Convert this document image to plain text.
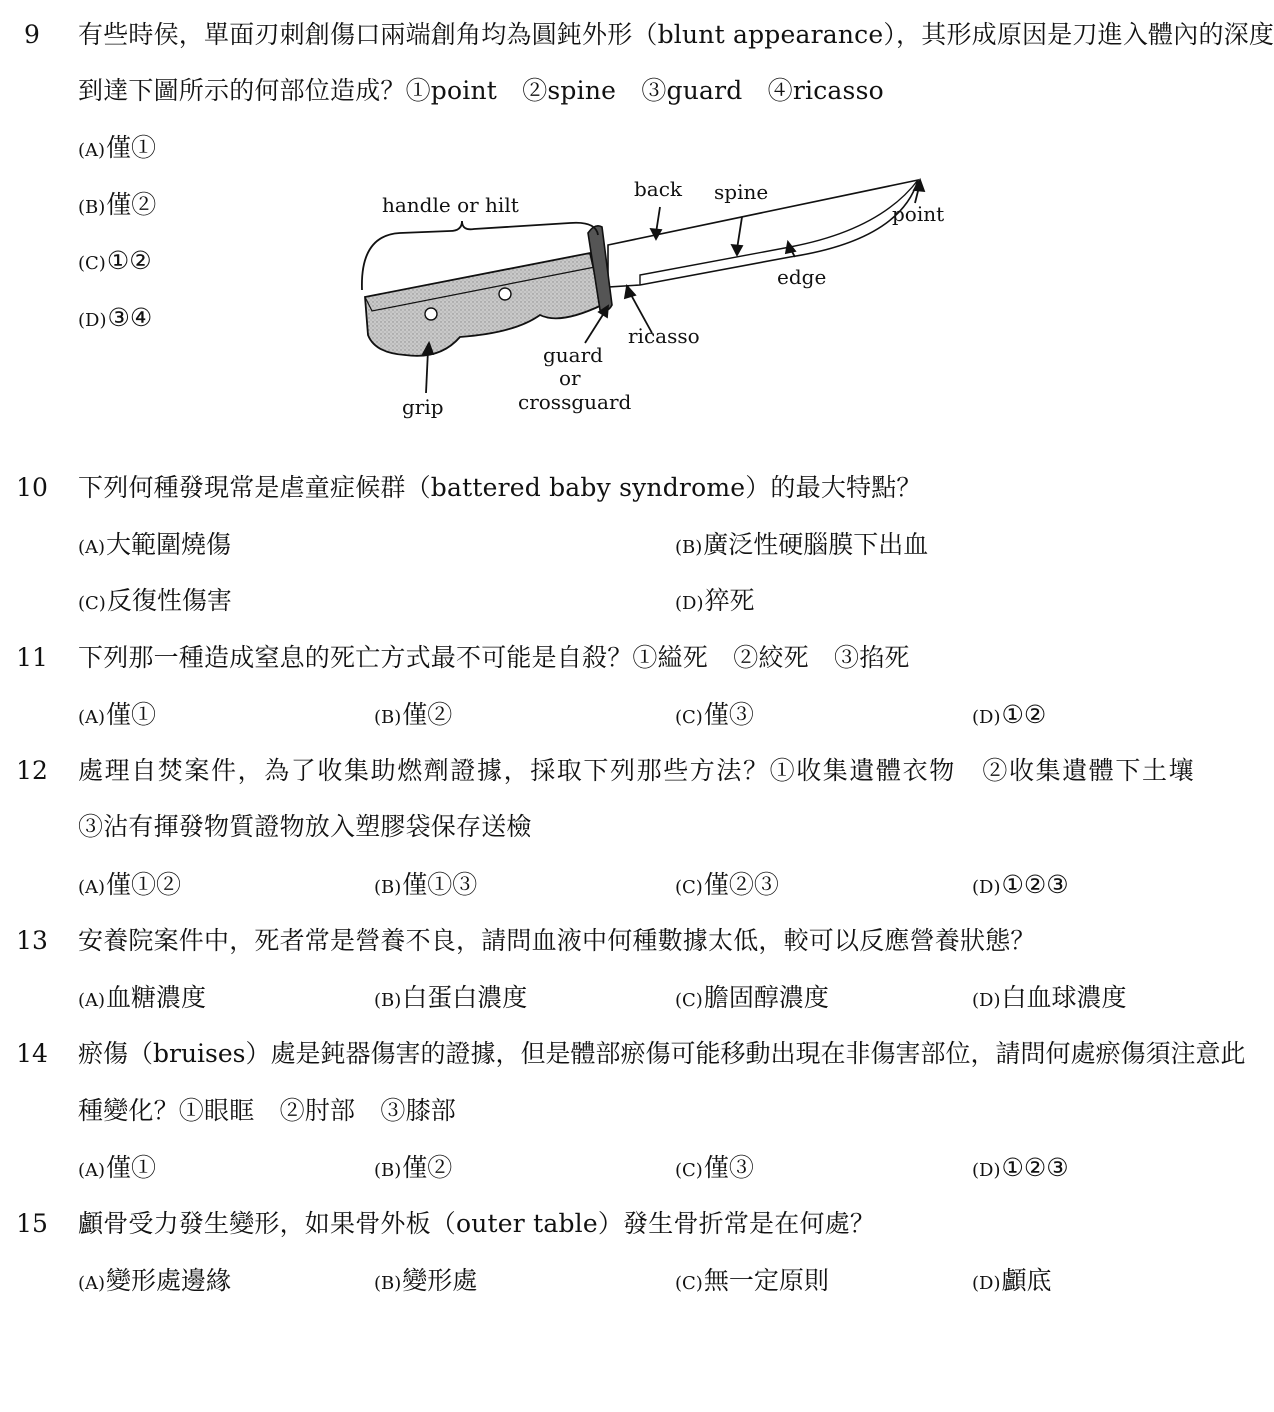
9	有些時侯，單面刃刺創傷口兩端創角均為圓鈍外形（blunt appearance），其形成原因是刀進入體內的深度
到達下圖所示的何部位造成？①point　②spine　③guard　④ricasso
(A)僅①
(B)僅②
(C)①②
(D)③④
handle or hilt
back spine
point
edge
ricasso
guard
or
crossguard
grip
10 下列何種發現常是虐童症候群（battered baby syndrome）的最大特點？
(A)大範圍燒傷	(B)廣泛性硬腦膜下出血
(C)反復性傷害	(D)猝死
11 下列那一種造成窒息的死亡方式最不可能是自殺？①縊死　②絞死　③掐死
(A)僅①	(B)僅②	(C)僅③	(D)①②
12 處理自焚案件，為了收集助燃劑證據，採取下列那些方法？①收集遺體衣物　②收集遺體下土壤
③沾有揮發物質證物放入塑膠袋保存送檢
(A)僅①②	(B)僅①③	(C)僅②③	(D)①②③
13 安養院案件中，死者常是營養不良，請問血液中何種數據太低，較可以反應營養狀態？
(A)血糖濃度	(B)白蛋白濃度	(C)膽固醇濃度	(D)白血球濃度
14 瘀傷（bruises）處是鈍器傷害的證據，但是體部瘀傷可能移動出現在非傷害部位，請問何處瘀傷須注意此
種變化？①眼眶　②肘部　③膝部
(A)僅①	(B)僅②	(C)僅③	(D)①②③
15 顱骨受力發生變形，如果骨外板（outer table）發生骨折常是在何處？
(A)變形處邊緣	(B)變形處	(C)無一定原則	(D)顱底
